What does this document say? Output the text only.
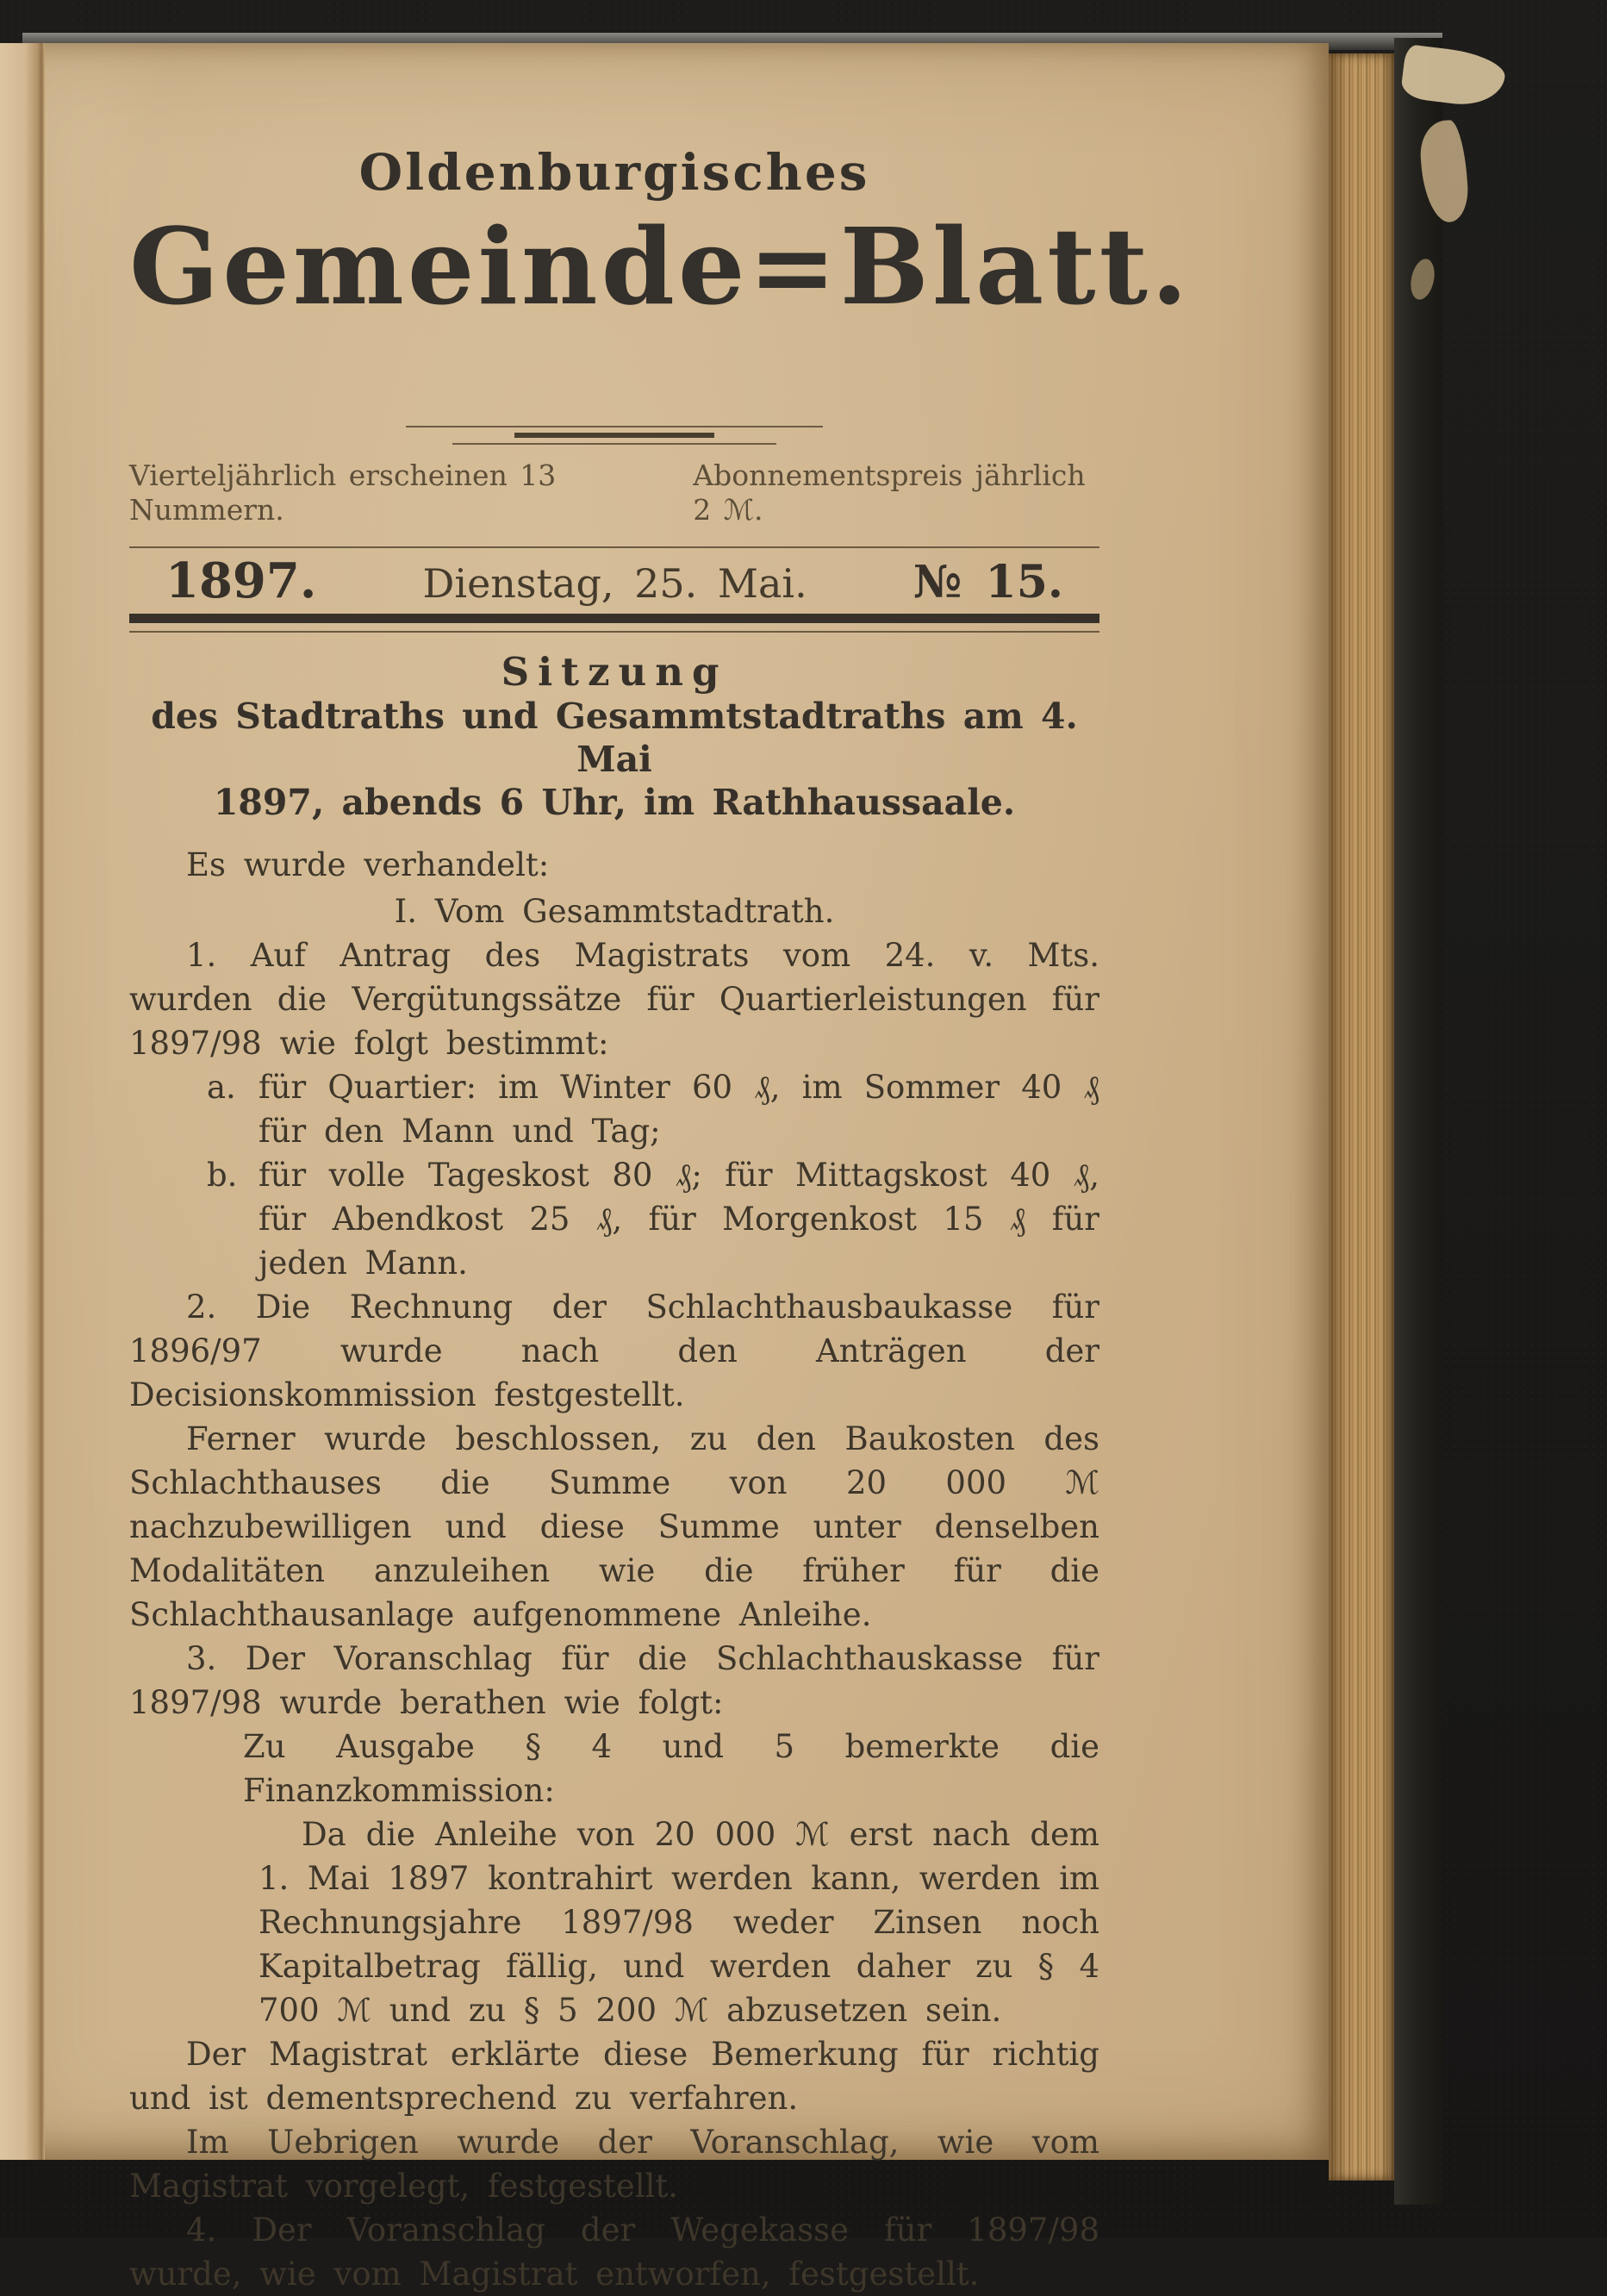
Oldenburgisches
Gemeinde=Blatt.
Vierteljährlich erscheinen 13 Nummern.
Abonnementspreis jährlich 2 ℳ.
1897.	Dienstag, 25. Mai.	№ 15.
Sitzung
des Stadtraths und Gesammtstadtraths am 4. Mai
1897, abends 6 Uhr, im Rathhaussaale.

Es wurde verhandelt:

I. Vom Gesammtstadtrath.

1. Auf Antrag des Magistrats vom 24. v. Mts. wurden die Vergütungssätze für Quartierleistungen für 1897/98 wie folgt bestimmt:

a. für Quartier: im Winter 60 ₰, im Sommer 40 ₰ für den Mann und Tag;

b. für volle Tageskost 80 ₰; für Mittagskost 40 ₰, für Abendkost 25 ₰, für Morgenkost 15 ₰ für jeden Mann.

2. Die Rechnung der Schlachthausbaukasse für 1896/97 wurde nach den Anträgen der Decisionskommission festgestellt.

Ferner wurde beschlossen, zu den Baukosten des Schlachthauses die Summe von 20 000 ℳ nachzubewilligen und diese Summe unter denselben Modalitäten anzuleihen wie die früher für die Schlachthausanlage aufgenommene Anleihe.

3. Der Voranschlag für die Schlachthauskasse für 1897/98 wurde berathen wie folgt:

Zu Ausgabe § 4 und 5 bemerkte die Finanzkommission:

Da die Anleihe von 20 000 ℳ erst nach dem 1. Mai 1897 kontrahirt werden kann, werden im Rechnungsjahre 1897/98 weder Zinsen noch Kapitalbetrag fällig, und werden daher zu § 4 700 ℳ und zu § 5 200 ℳ abzusetzen sein.

Der Magistrat erklärte diese Bemerkung für richtig und ist dementsprechend zu verfahren.

Im Uebrigen wurde der Voranschlag, wie vom Magistrat vorgelegt, festgestellt.

4. Der Voranschlag der Wegekasse für 1897/98 wurde, wie vom Magistrat entworfen, festgestellt.
